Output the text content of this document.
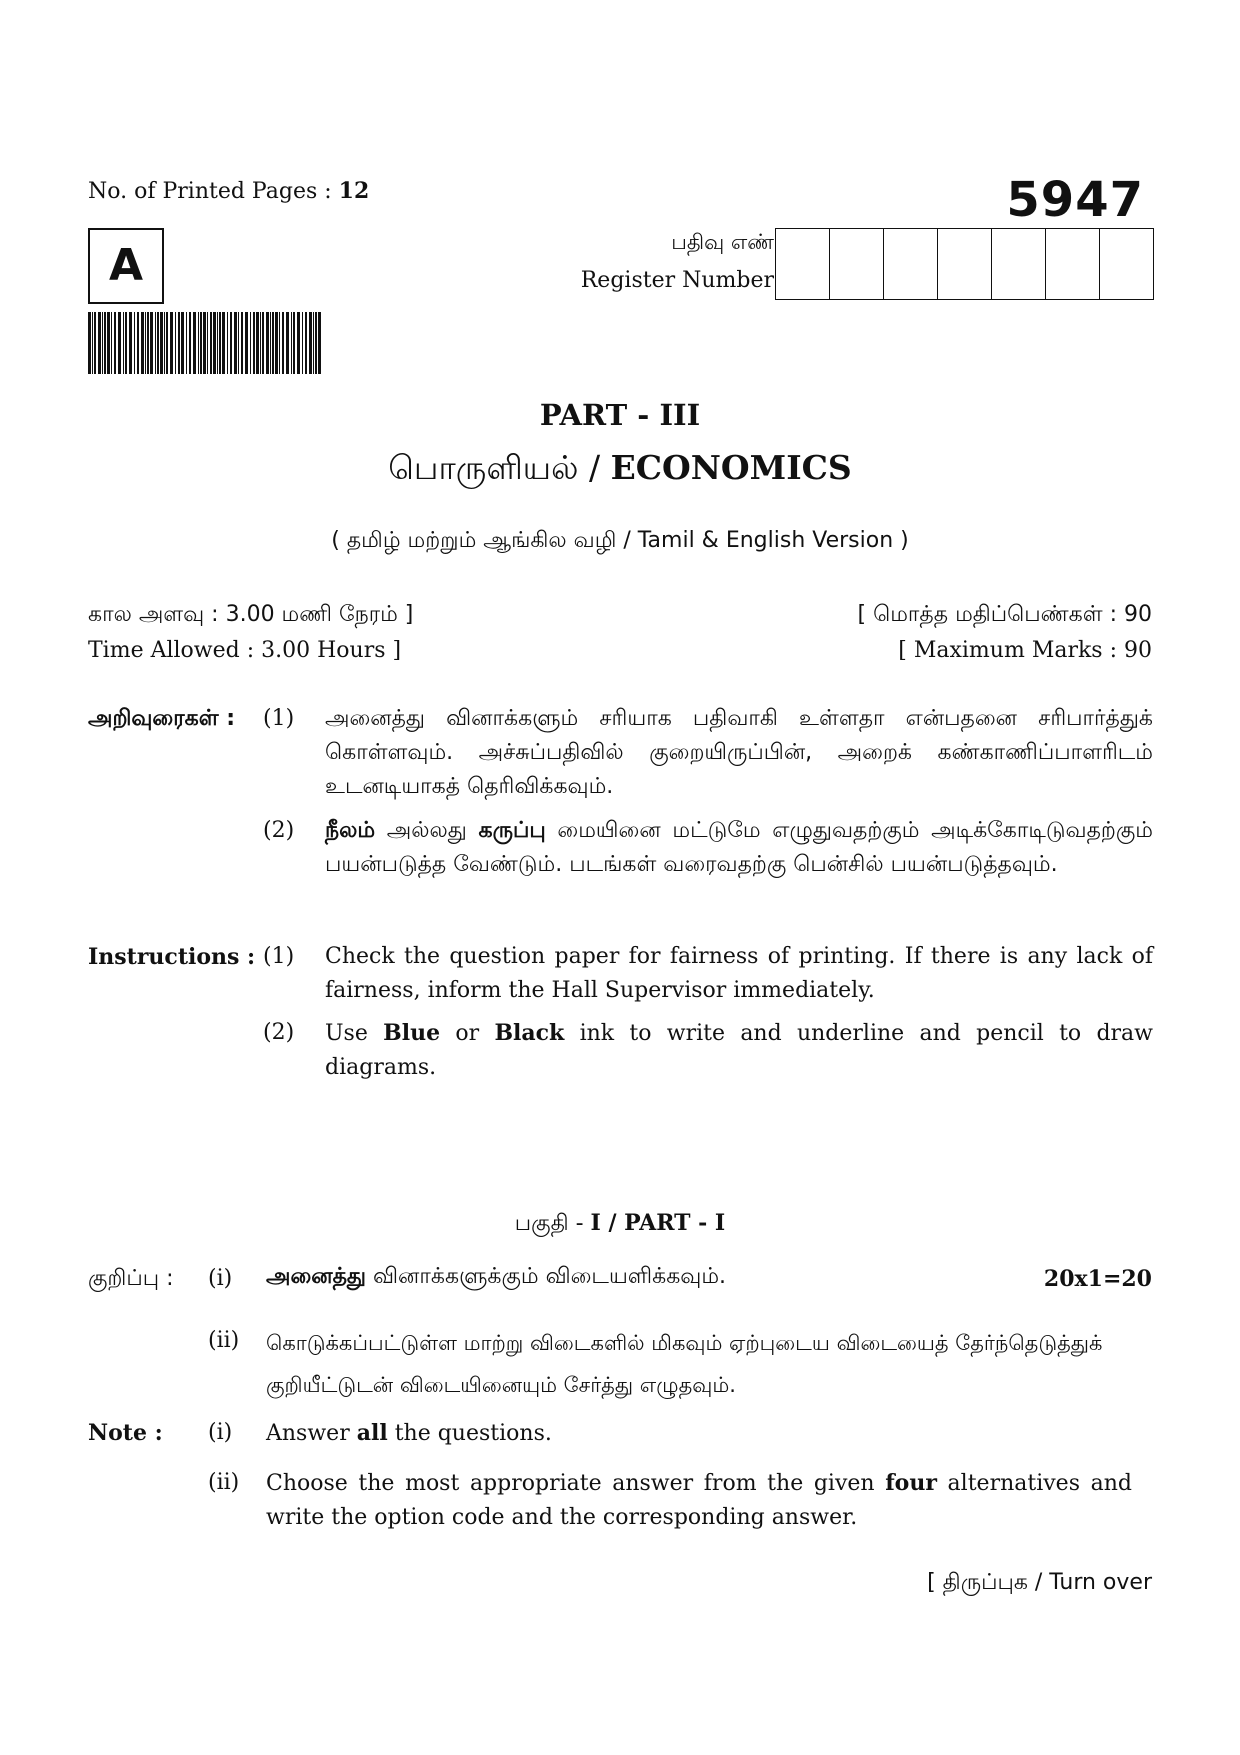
No. of Printed Pages : 12	5947
A	பதிவு எண்
Register Number
PART - III
பொருளியல் / ECONOMICS
( தமிழ் மற்றும் ஆங்கில வழி / Tamil & English Version )
கால அளவு : 3.00 மணி நேரம் ]
Time Allowed : 3.00 Hours ]
[ மொத்த மதிப்பெண்கள் : 90
[ Maximum Marks : 90
அறிவுரைகள் : (1) அனைத்து வினாக்களும் சரியாக பதிவாகி உள்ளதா என்பதனை சரிபார்த்துக் கொள்ளவும். அச்சுப்பதிவில் குறையிருப்பின், அறைக் கண்காணிப்பாளரிடம் உடனடியாகத் தெரிவிக்கவும்.
(2) நீலம் அல்லது கருப்பு மையினை மட்டுமே எழுதுவதற்கும் அடிக்கோடிடுவதற்கும் பயன்படுத்த வேண்டும். படங்கள் வரைவதற்கு பென்சில் பயன்படுத்தவும்.
Instructions : (1) Check the question paper for fairness of printing. If there is any lack of fairness, inform the Hall Supervisor immediately.
(2) Use Blue or Black ink to write and underline and pencil to draw diagrams.
பகுதி - I / PART - I
குறிப்பு : (i) அனைத்து வினாக்களுக்கும் விடையளிக்கவும்.	20x1=20
(ii) கொடுக்கப்பட்டுள்ள மாற்று விடைகளில் மிகவும் ஏற்புடைய விடையைத் தேர்ந்தெடுத்துக் குறியீட்டுடன் விடையினையும் சேர்த்து எழுதவும்.
Note : (i) Answer all the questions.
(ii) Choose the most appropriate answer from the given four alternatives and write the option code and the corresponding answer.
[ திருப்புக / Turn over
